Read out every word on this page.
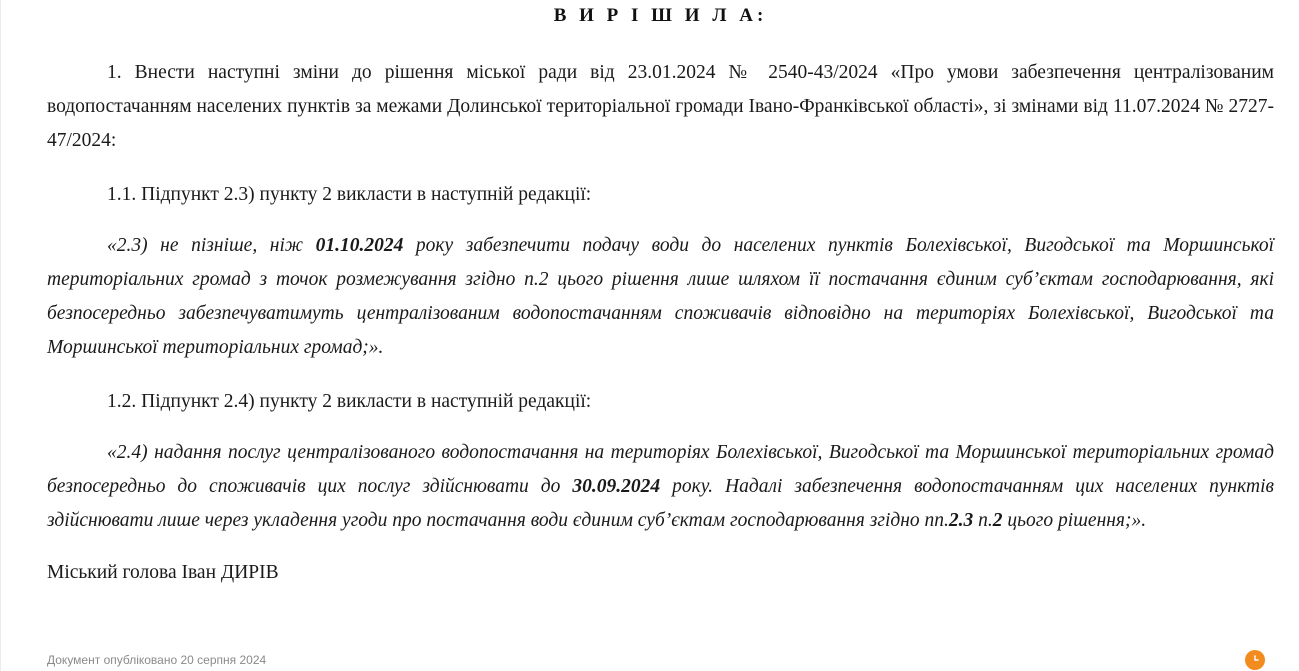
В И Р І Ш И Л А:

1. Внести наступні зміни до рішення міської ради від 23.01.2024 № 2540-43/2024 «Про умови забезпечення централізованим водопостачанням населених пунктів за межами Долинської територіальної громади Івано-Франківської області», зі змінами від 11.07.2024 № 2727-47/2024:

1.1. Підпункт 2.3) пункту 2 викласти в наступній редакції:

«2.3) не пізніше, ніж 01.10.2024 року забезпечити подачу води до населених пунктів Болехівської, Вигодської та Моршинської територіальних громад з точок розмежування згідно п.2 цього рішення лише шляхом її постачання єдиним суб’єктам господарювання, які безпосередньо забезпечуватимуть централізованим водопостачанням споживачів відповідно на територіях Болехівської, Вигодської та Моршинської територіальних громад;».

1.2. Підпункт 2.4) пункту 2 викласти в наступній редакції:

«2.4) надання послуг централізованого водопостачання на територіях Болехівської, Вигодської та Моршинської територіальних громад безпосередньо до споживачів цих послуг здійснювати до 30.09.2024 року. Надалі забезпечення водопостачанням цих населених пунктів здійснювати лише через укладення угоди про постачання води єдиним суб’єктам господарювання згідно пп.2.3 п.2 цього рішення;».

Міський голова Іван ДИРІВ

Документ опубліковано 20 серпня 2024
